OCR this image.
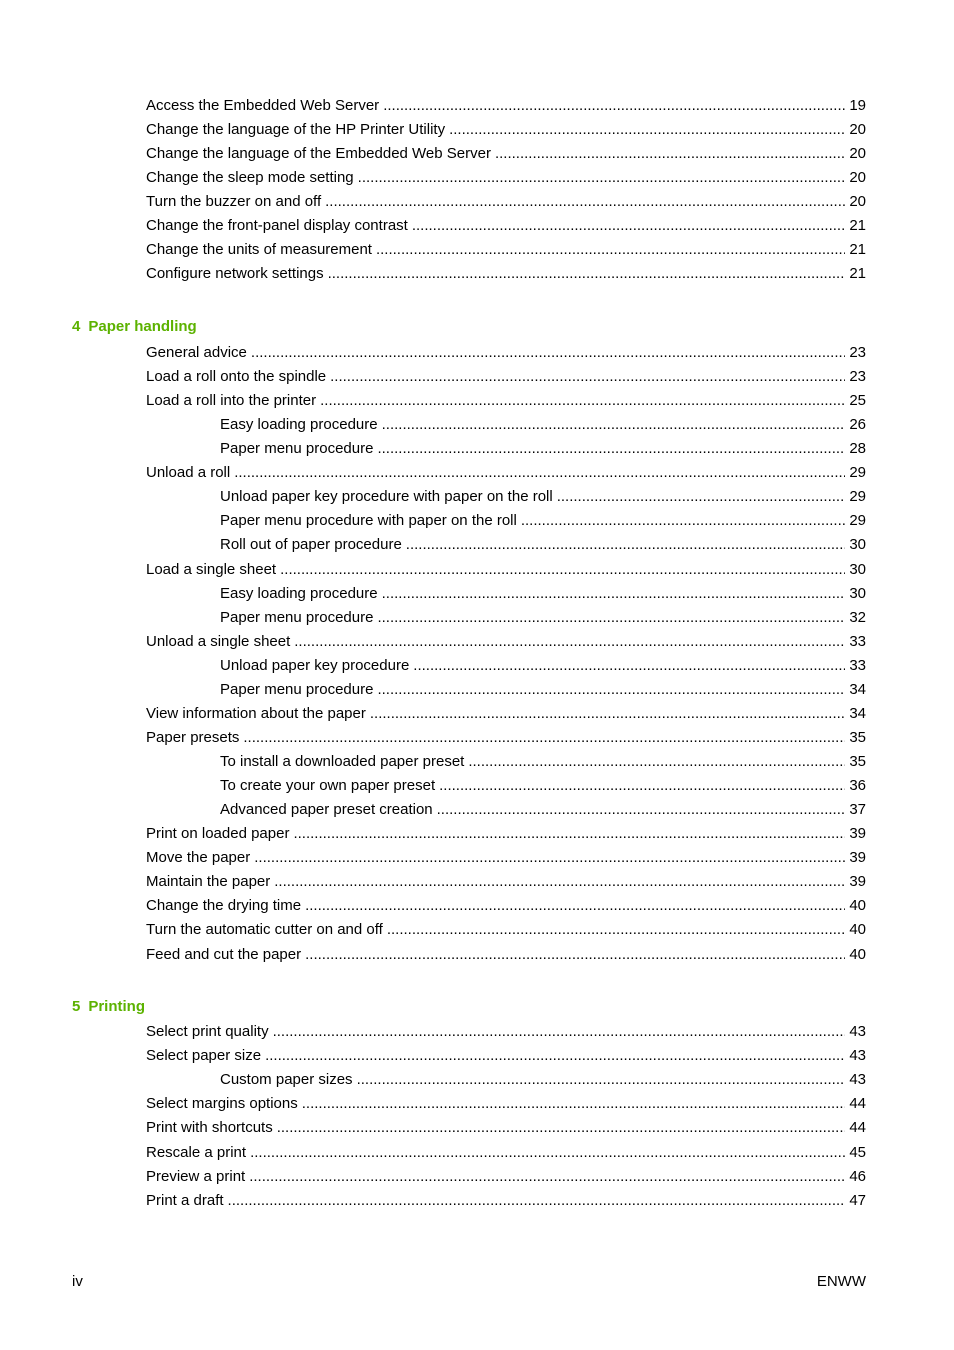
Access the Embedded Web Server .....	19
Change the language of the HP Printer Utility .....	20
Change the language of the Embedded Web Server .....	20
Change the sleep mode setting .....	20
Turn the buzzer on and off .....	20
Change the front-panel display contrast .....	21
Change the units of measurement .....	21
Configure network settings .....	21
4 Paper handling
General advice .....	23
Load a roll onto the spindle .....	23
Load a roll into the printer .....	25
Easy loading procedure .....	26
Paper menu procedure .....	28
Unload a roll .....	29
Unload paper key procedure with paper on the roll .....	29
Paper menu procedure with paper on the roll .....	29
Roll out of paper procedure .....	30
Load a single sheet .....	30
Easy loading procedure .....	30
Paper menu procedure .....	32
Unload a single sheet .....	33
Unload paper key procedure .....	33
Paper menu procedure .....	34
View information about the paper .....	34
Paper presets .....	35
To install a downloaded paper preset .....	35
To create your own paper preset .....	36
Advanced paper preset creation .....	37
Print on loaded paper .....	39
Move the paper .....	39
Maintain the paper .....	39
Change the drying time .....	40
Turn the automatic cutter on and off .....	40
Feed and cut the paper .....	40
5 Printing
Select print quality .....	43
Select paper size .....	43
Custom paper sizes .....	43
Select margins options .....	44
Print with shortcuts .....	44
Rescale a print .....	45
Preview a print .....	46
Print a draft .....	47
iv	ENWW
